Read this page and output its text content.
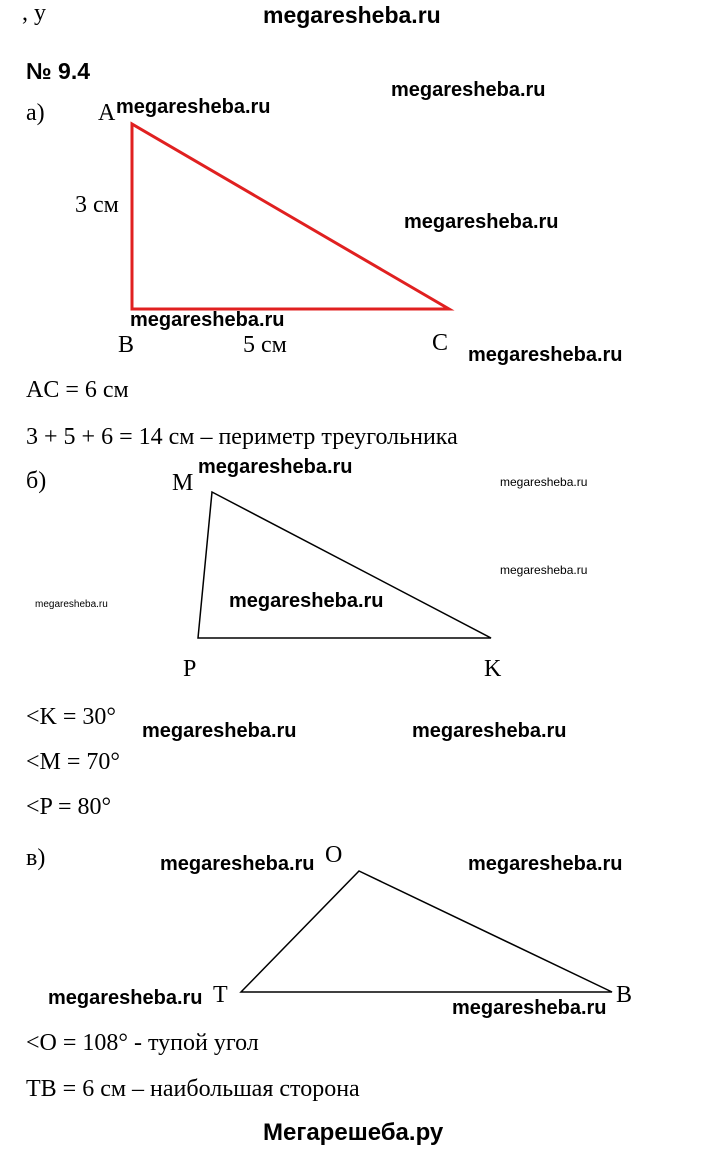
megaresheba.ru
, у
№ 9.4
а) A
3 см
B	5 см	C
AC = 6 см
3 + 5 + 6 = 14 см – периметр треугольника
б)	M
P	K
<K = 30°
<M = 70°
<P = 80°
в)	O
T	B
<O = 108° - тупой угол
TB = 6 см – наибольшая сторона
megaresheba.ru
megaresheba.ru
megaresheba.ru
megaresheba.ru
megaresheba.ru
megaresheba.ru
megaresheba.ru
megaresheba.ru
megaresheba.ru	megaresheba.ru
megaresheba.ru	megaresheba.ru
megaresheba.ru	megaresheba.ru
megaresheba.ru	megaresheba.ru
Мегарешеба.ру
